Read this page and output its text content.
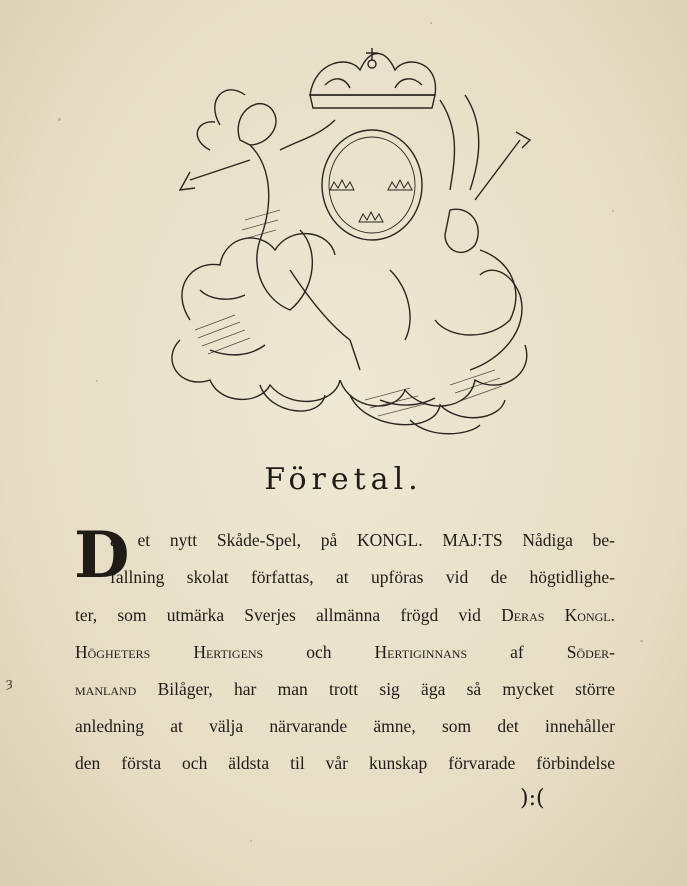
Företal.
D
å et nytt Skåde-Spel, på KONGL. MAJ:TS Nådiga be-
fallning skolat författas, at upföras vid de högtidlighe-
ter, som utmärka Sverjes allmänna frögd vid Deras Kongl.
Högheters Hertigens och Hertiginnans af Söder-
manland Bilåger, har man trott sig äga så mycket större
anledning at välja närvarande ämne, som det innehåller
den första och äldsta til vår kunskap förvarade förbindelse
):(
ȝ
